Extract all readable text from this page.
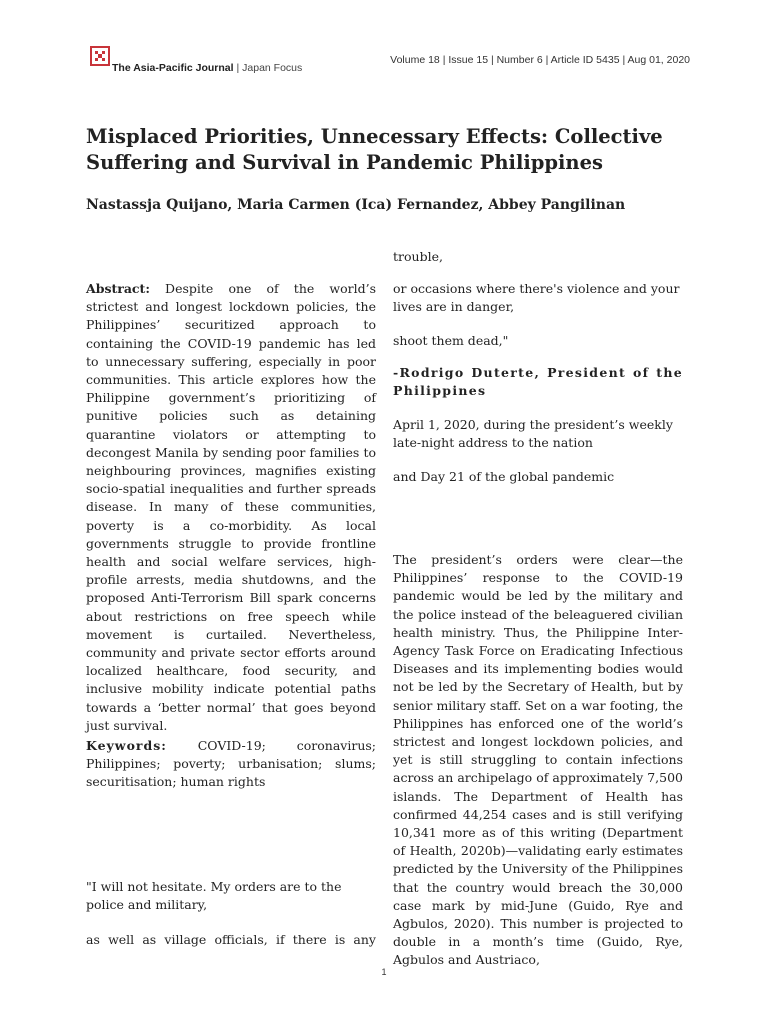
The Asia-Pacific Journal | Japan Focus
Volume 18 | Issue 15 | Number 6 | Article ID 5435 | Aug 01, 2020
Misplaced Priorities, Unnecessary Effects: Collective Suffering and Survival in Pandemic Philippines

Nastassja Quijano, Maria Carmen (Ica) Fernandez, Abbey Pangilinan

Abstract: Despite one of the world’s strictest and longest lockdown policies, the Philippines’ securitized approach to containing the COVID-19 pandemic has led to unnecessary suffering, especially in poor communities. This article explores how the Philippine government’s prioritizing of punitive policies such as detaining quarantine violators or attempting to decongest Manila by sending poor families to neighbouring provinces, magnifies existing socio-spatial inequalities and further spreads disease. In many of these communities, poverty is a co-morbidity. As local governments struggle to provide frontline health and social welfare services, high-profile arrests, media shutdowns, and the proposed Anti-Terrorism Bill spark concerns about restrictions on free speech while movement is curtailed. Nevertheless, community and private sector efforts around localized healthcare, food security, and inclusive mobility indicate potential paths towards a ‘better normal’ that goes beyond just survival.

Keywords: COVID-19; coronavirus; Philippines; poverty; urbanisation; slums; securitisation; human rights

"I will not hesitate. My orders are to the police and military,

as well as village officials, if there is any

trouble,

or occasions where there's violence and your lives are in danger,

shoot them dead,"

-Rodrigo Duterte, President of the Philippines

April 1, 2020, during the president’s weekly late-night address to the nation

and Day 21 of the global pandemic

The president’s orders were clear—the Philippines’ response to the COVID-19 pandemic would be led by the military and the police instead of the beleaguered civilian health ministry. Thus, the Philippine Inter-Agency Task Force on Eradicating Infectious Diseases and its implementing bodies would not be led by the Secretary of Health, but by senior military staff. Set on a war footing, the Philippines has enforced one of the world’s strictest and longest lockdown policies, and yet is still struggling to contain infections across an archipelago of approximately 7,500 islands. The Department of Health has confirmed 44,254 cases and is still verifying 10,341 more as of this writing (Department of Health, 2020b)—validating early estimates predicted by the University of the Philippines that the country would breach the 30,000 case mark by mid-June (Guido, Rye and Agbulos, 2020). This number is projected to double in a month’s time (Guido, Rye, Agbulos and Austriaco,

1
